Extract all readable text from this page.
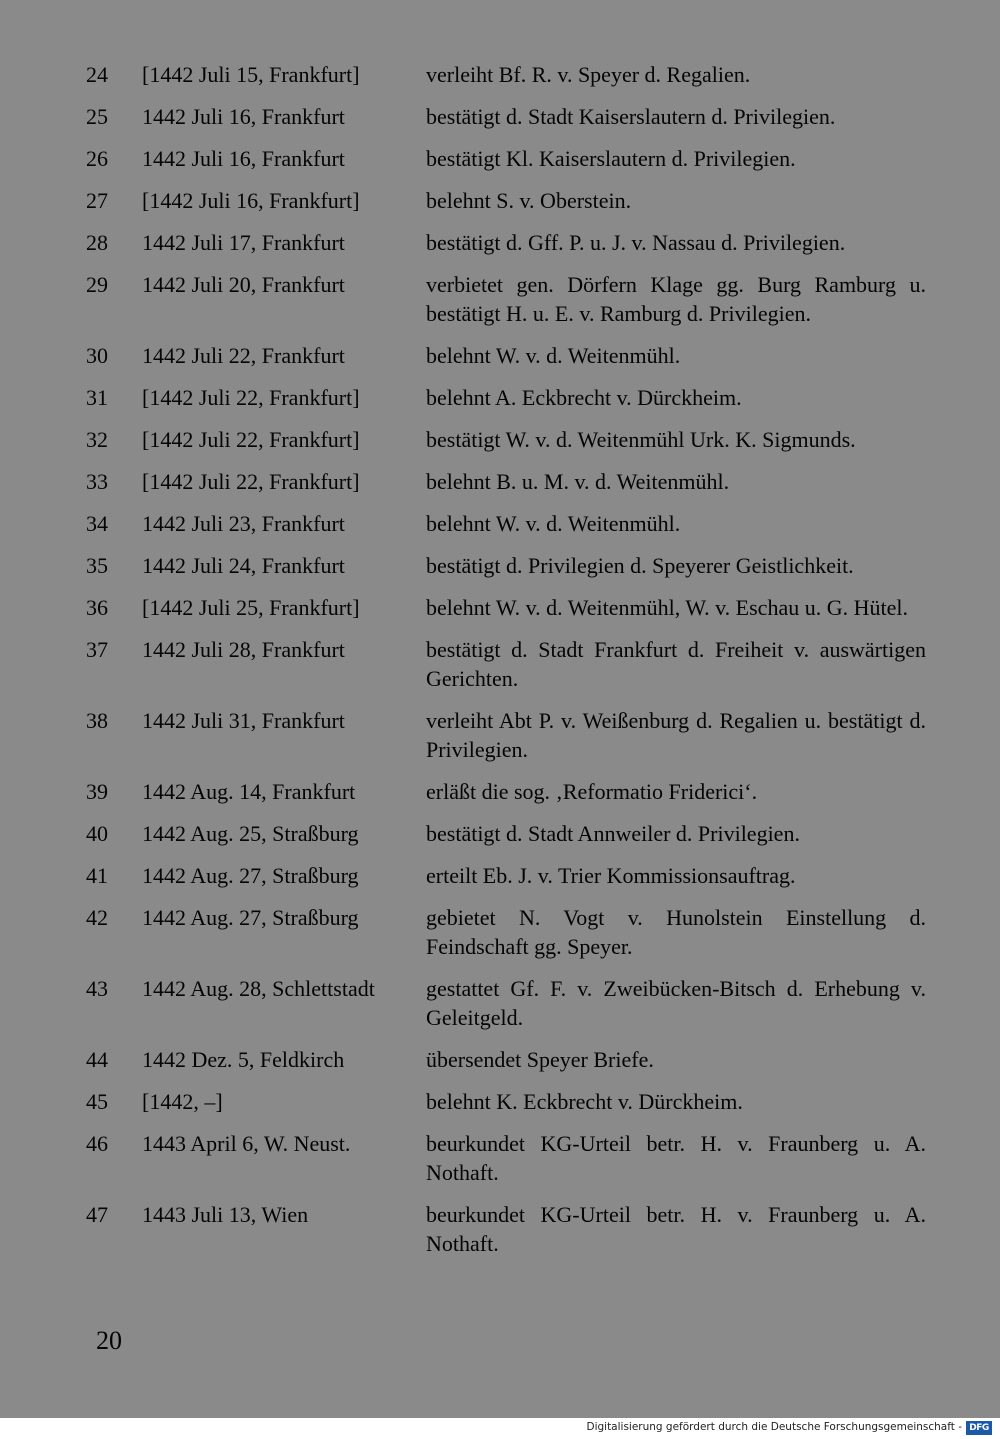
24	[1442 Juli 15, Frankfurt]	verleiht Bf. R. v. Speyer d. Regalien.
25	1442 Juli 16, Frankfurt	bestätigt d. Stadt Kaiserslautern d. Privilegien.
26	1442 Juli 16, Frankfurt	bestätigt Kl. Kaiserslautern d. Privilegien.
27	[1442 Juli 16, Frankfurt]	belehnt S. v. Oberstein.
28	1442 Juli 17, Frankfurt	bestätigt d. Gff. P. u. J. v. Nassau d. Privilegien.
29	1442 Juli 20, Frankfurt	verbietet gen. Dörfern Klage gg. Burg Ramburg u. bestätigt H. u. E. v. Ramburg d. Privilegien.
30	1442 Juli 22, Frankfurt	belehnt W. v. d. Weitenmühl.
31	[1442 Juli 22, Frankfurt]	belehnt A. Eckbrecht v. Dürckheim.
32	[1442 Juli 22, Frankfurt]	bestätigt W. v. d. Weitenmühl Urk. K. Sigmunds.
33	[1442 Juli 22, Frankfurt]	belehnt B. u. M. v. d. Weitenmühl.
34	1442 Juli 23, Frankfurt	belehnt W. v. d. Weitenmühl.
35	1442 Juli 24, Frankfurt	bestätigt d. Privilegien d. Speyerer Geistlichkeit.
36	[1442 Juli 25, Frankfurt]	belehnt W. v. d. Weitenmühl, W. v. Eschau u. G. Hütel.
37	1442 Juli 28, Frankfurt	bestätigt d. Stadt Frankfurt d. Freiheit v. auswärtigen Gerichten.
38	1442 Juli 31, Frankfurt	verleiht Abt P. v. Weißenburg d. Regalien u. bestätigt d. Privilegien.
39	1442 Aug. 14, Frankfurt	erläßt die sog. ‚Reformatio Friderici‘.
40	1442 Aug. 25, Straßburg	bestätigt d. Stadt Annweiler d. Privilegien.
41	1442 Aug. 27, Straßburg	erteilt Eb. J. v. Trier Kommissionsauftrag.
42	1442 Aug. 27, Straßburg	gebietet N. Vogt v. Hunolstein Einstellung d. Feindschaft gg. Speyer.
43	1442 Aug. 28, Schlettstadt	gestattet Gf. F. v. Zweibücken-Bitsch d. Erhebung v. Geleitgeld.
44	1442 Dez. 5, Feldkirch	übersendet Speyer Briefe.
45	[1442, –]	belehnt K. Eckbrecht v. Dürckheim.
46	1443 April 6, W. Neust.	beurkundet KG-Urteil betr. H. v. Fraunberg u. A. Nothaft.
47	1443 Juli 13, Wien	beurkundet KG-Urteil betr. H. v. Fraunberg u. A. Nothaft.
20
Digitalisierung gefördert durch die Deutsche Forschungsgemeinschaft - DFG
